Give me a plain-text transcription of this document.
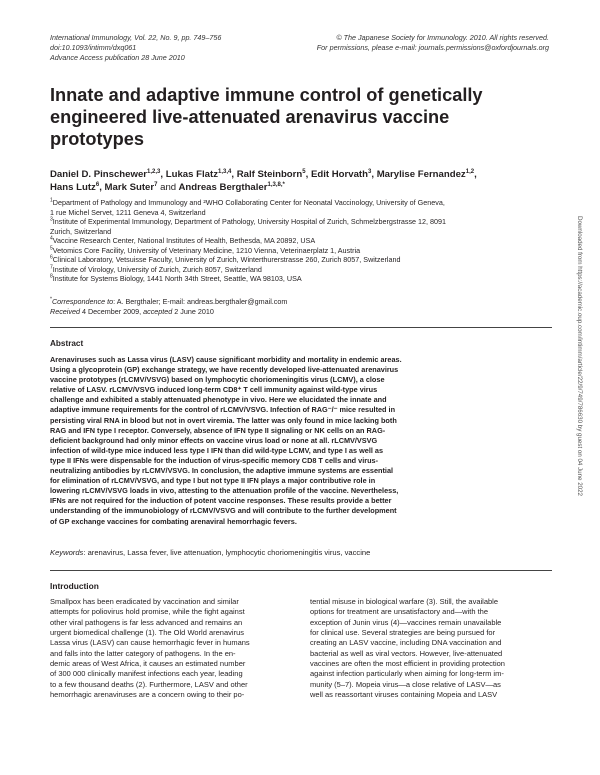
International Immunology, Vol. 22, No. 9, pp. 749–756
doi:10.1093/intimm/dxq061
Advance Access publication 28 June 2010
© The Japanese Society for Immunology. 2010. All rights reserved.
For permissions, please e-mail: journals.permissions@oxfordjournals.org
Innate and adaptive immune control of genetically engineered live-attenuated arenavirus vaccine prototypes
Daniel D. Pinschewer$^{1,2,3}$, Lukas Flatz$^{1,3,4}$, Ralf Steinborn$^5$, Edit Horvath$^3$, Marylise Fernandez$^{1,2}$,
Hans Lutz$^6$, Mark Suter$^7$ and Andreas Bergthaler$^{1,3,8,*}$
$^1$Department of Pathology and Immunology and ²WHO Collaborating Center for Neonatal Vaccinology, University of Geneva,
1 rue Michel Servet, 1211 Geneva 4, Switzerland
$^3$Institute of Experimental Immunology, Department of Pathology, University Hospital of Zurich, Schmelzbergstrasse 12, 8091
Zurich, Switzerland
$^4$Vaccine Research Center, National Institutes of Health, Bethesda, MA 20892, USA
$^5$Vetomics Core Facility, University of Veterinary Medicine, 1210 Vienna, Veterinaerplatz 1, Austria
$^6$Clinical Laboratory, Vetsuisse Faculty, University of Zurich, Winterthurerstrasse 260, Zurich 8057, Switzerland
$^7$Institute of Virology, University of Zurich, Zurich 8057, Switzerland
$^8$Institute for Systems Biology, 1441 North 34th Street, Seattle, WA 98103, USA
*Correspondence to: A. Bergthaler; E-mail: andreas.bergthaler@gmail.com
Received 4 December 2009, accepted 2 June 2010
Abstract
Arenaviruses such as Lassa virus (LASV) cause significant morbidity and mortality in endemic areas.
Using a glycoprotein (GP) exchange strategy, we have recently developed live-attenuated arenavirus
vaccine prototypes (rLCMV/VSVG) based on lymphocytic choriomeningitis virus (LCMV), a close
relative of LASV. rLCMV/VSVG induced long-term CD8⁺ T cell immunity against wild-type virus
challenge and exhibited a stably attenuated phenotype in vivo. Here we elucidated the innate and
adaptive immune requirements for the control of rLCMV/VSVG. Infection of RAG⁻/⁻ mice resulted in
persisting viral RNA in blood but not in overt viremia. The latter was only found in mice lacking both
RAG and IFN type I receptor. Conversely, absence of IFN type II signaling or NK cells on an RAG-
deficient background had only minor effects on vaccine virus load or none at all. rLCMV/VSVG
infection of wild-type mice induced less type I IFN than did wild-type LCMV, and type I as well as
type II IFNs were dispensable for the induction of virus-specific memory CD8 T cells and virus-
neutralizing antibodies by rLCMV/VSVG. In conclusion, the adaptive immune systems are essential
for elimination of rLCMV/VSVG, and type I but not type II IFN plays a major contributive role in
lowering rLCMV/VSVG loads in vivo, attesting to the attenuation profile of the vaccine. Nevertheless,
IFNs are not required for the induction of potent vaccine responses. These results provide a better
understanding of the immunobiology of rLCMV/VSVG and will contribute to the further development
of GP exchange vaccines for combating arenaviral hemorrhagic fevers.
Keywords: arenavirus, Lassa fever, live attenuation, lymphocytic choriomeningitis virus, vaccine
Introduction
Smallpox has been eradicated by vaccination and similar
attempts for poliovirus hold promise, while the fight against
other viral pathogens is far less advanced and remains an
urgent biomedical challenge (1). The Old World arenavirus
Lassa virus (LASV) can cause hemorrhagic fever in humans
and falls into the latter category of pathogens. In the en-
demic areas of West Africa, it causes an estimated number
of 300 000 clinically manifest infections each year, leading
to a few thousand deaths (2). Furthermore, LASV and other
hemorrhagic arenaviruses are a concern owing to their po-
tential misuse in biological warfare (3). Still, the available
options for treatment are unsatisfactory and—with the
exception of Junin virus (4)—vaccines remain unavailable
for clinical use. Several strategies are being pursued for
creating an LASV vaccine, including DNA vaccination and
bacterial as well as viral vectors. However, live-attenuated
vaccines are often the most efficient in providing protection
against infection particularly when aiming for long-term im-
munity (5–7). Mopeia virus—a close relative of LASV—as
well as reassortant viruses containing Mopeia and LASV
Downloaded from https://academic.oup.com/intimm/article/22/9/749/786630 by guest on 04 June 2022
